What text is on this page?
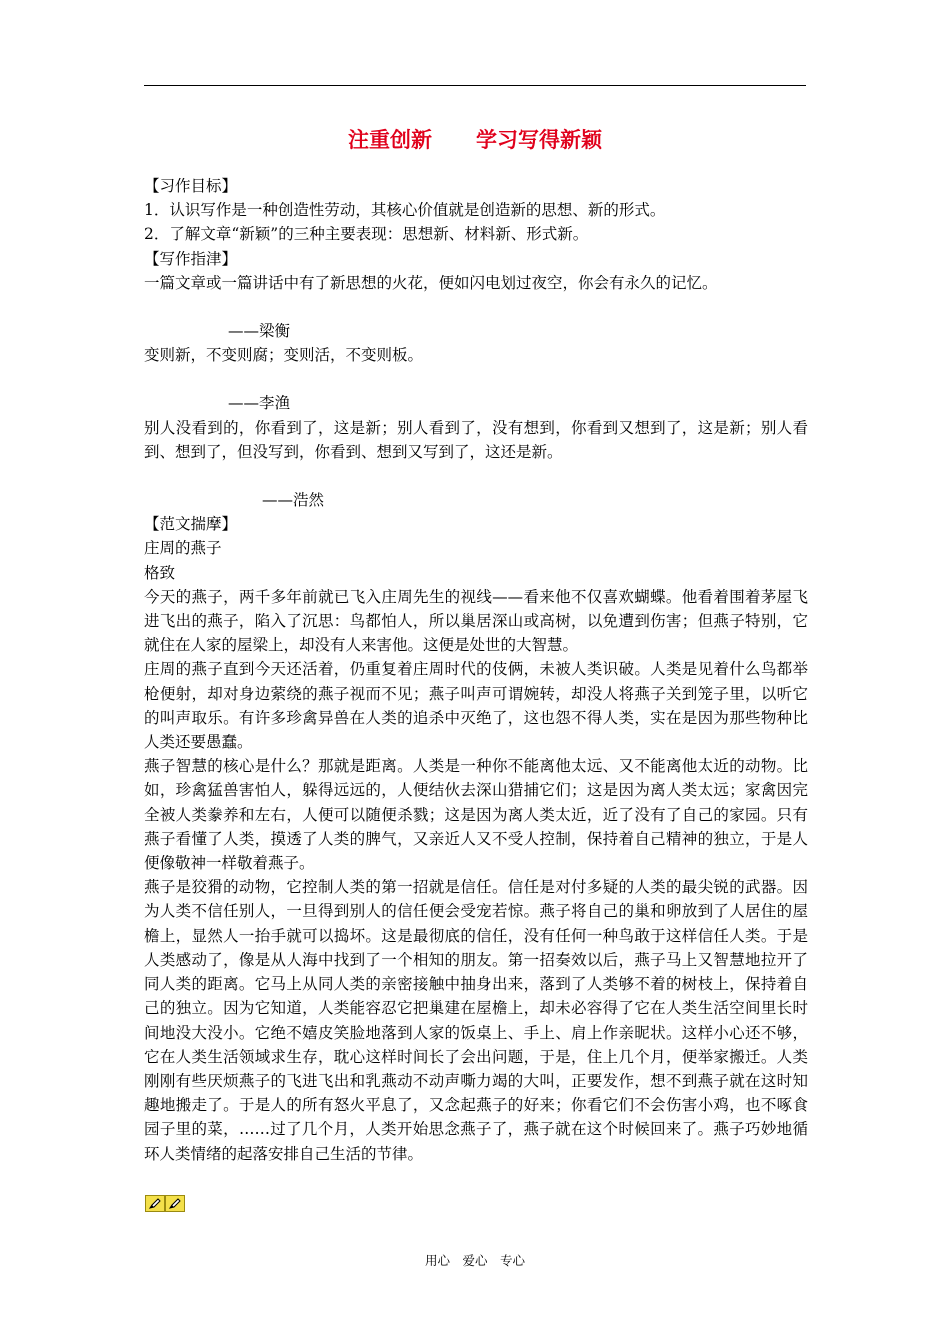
注重创新 学习写得新颖

【习作目标】

1．认识写作是一种创造性劳动，其核心价值就是创造新的思想、新的形式。

2．了解文章“新颖”的三种主要表现：思想新、材料新、形式新。

【写作指津】

一篇文章或一篇讲话中有了新思想的火花，便如闪电划过夜空，你会有永久的记忆。

——梁衡

变则新，不变则腐；变则活，不变则板。

——李渔

别人没看到的，你看到了，这是新；别人看到了，没有想到，你看到又想到了，这是新；别人看到、想到了，但没写到，你看到、想到又写到了，这还是新。

——浩然

【范文揣摩】

庄周的燕子

格致

今天的燕子，两千多年前就已飞入庄周先生的视线——看来他不仅喜欢蝴蝶。他看着围着茅屋飞进飞出的燕子，陷入了沉思：鸟都怕人，所以巢居深山或高树，以免遭到伤害；但燕子特别，它就住在人家的屋梁上，却没有人来害他。这便是处世的大智慧。

庄周的燕子直到今天还活着，仍重复着庄周时代的伎俩，未被人类识破。人类是见着什么鸟都举枪便射，却对身边萦绕的燕子视而不见；燕子叫声可谓婉转，却没人将燕子关到笼子里，以听它的叫声取乐。有许多珍禽异兽在人类的追杀中灭绝了，这也怨不得人类，实在是因为那些物种比人类还要愚蠢。

燕子智慧的核心是什么？那就是距离。人类是一种你不能离他太远、又不能离他太近的动物。比如，珍禽猛兽害怕人，躲得远远的，人便结伙去深山猎捕它们；这是因为离人类太远；家禽因完全被人类豢养和左右，人便可以随便杀戮；这是因为离人类太近，近了没有了自己的家园。只有燕子看懂了人类，摸透了人类的脾气，又亲近人又不受人控制，保持着自己精神的独立，于是人便像敬神一样敬着燕子。

燕子是狡猾的动物，它控制人类的第一招就是信任。信任是对付多疑的人类的最尖锐的武器。因为人类不信任别人，一旦得到别人的信任便会受宠若惊。燕子将自己的巢和卵放到了人居住的屋檐上，显然人一抬手就可以捣坏。这是最彻底的信任，没有任何一种鸟敢于这样信任人类。于是人类感动了，像是从人海中找到了一个相知的朋友。第一招奏效以后，燕子马上又智慧地拉开了同人类的距离。它马上从同人类的亲密接触中抽身出来，落到了人类够不着的树枝上，保持着自己的独立。因为它知道，人类能容忍它把巢建在屋檐上，却未必容得了它在人类生活空间里长时间地没大没小。它绝不嬉皮笑脸地落到人家的饭桌上、手上、肩上作亲昵状。这样小心还不够，它在人类生活领域求生存，耽心这样时间长了会出问题，于是，住上几个月，便举家搬迁。人类刚刚有些厌烦燕子的飞进飞出和乳燕动不动声嘶力竭的大叫，正要发作，想不到燕子就在这时知趣地搬走了。于是人的所有怒火平息了，又念起燕子的好来；你看它们不会伤害小鸡，也不啄食园子里的菜，……过了几个月，人类开始思念燕子了，燕子就在这个时候回来了。燕子巧妙地循环人类情绪的起落安排自己生活的节律。

用心　爱心　专心
